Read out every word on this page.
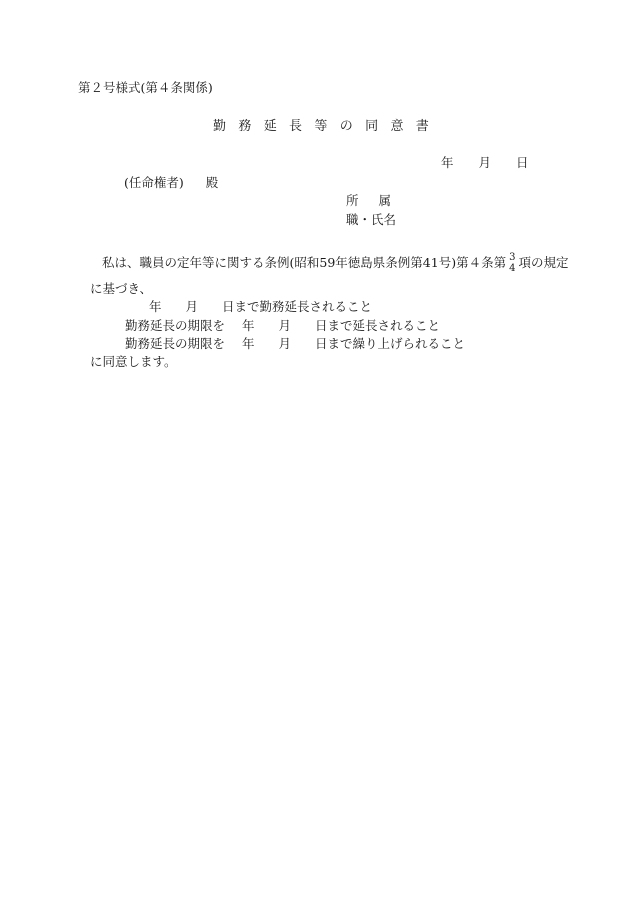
第２号様式(第４条関係)
勤務延長等の同意書
年 月 日
(任命権者) 殿
所属
職・氏名
私は、職員の定年等に関する条例(昭和59年徳島県条例第41号)第４条第 3
4 項の規定
に基づき、
年 月 日まで勤務延長されること
勤務延長の期限を 年 月 日まで延長されること
勤務延長の期限を 年 月 日まで繰り上げられること
に同意します。
